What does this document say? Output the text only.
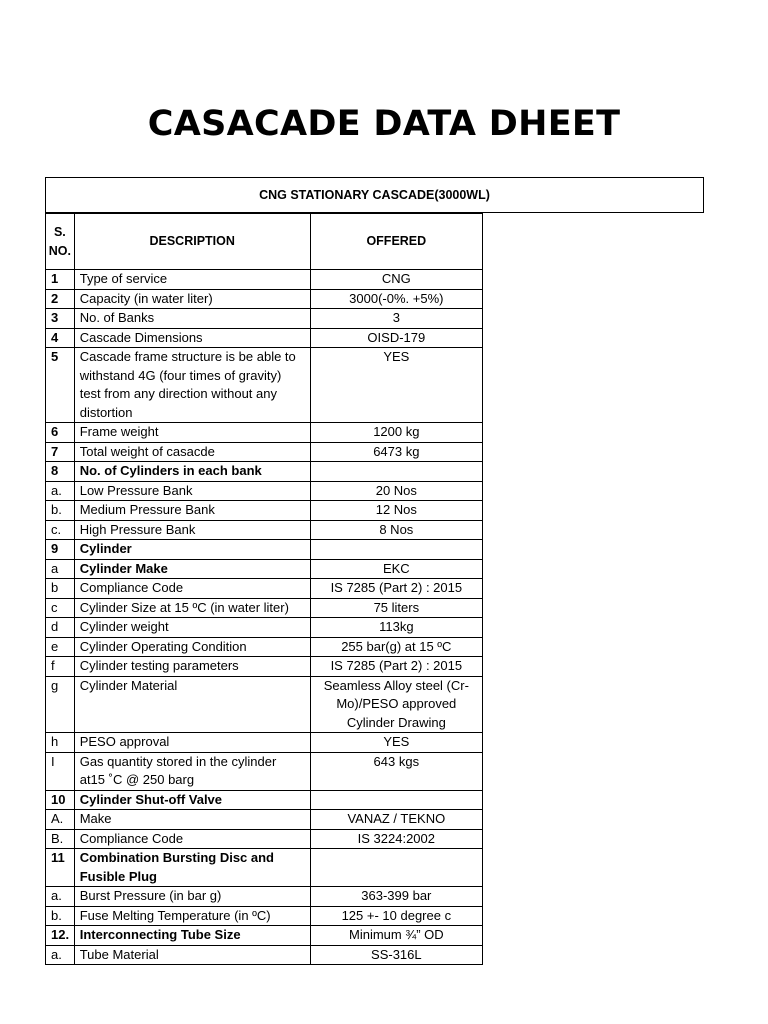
CASACADE DATA DHEET
CNG STATIONARY CASCADE(3000WL)
S. NO.	DESCRIPTION	OFFERED
1	Type of service	CNG
2	Capacity (in water liter)	3000(-0%. +5%)
3	No. of Banks	3
4	Cascade Dimensions	OISD-179
5	Cascade frame structure is be able to withstand 4G (four times of gravity) test from any direction without any distortion	YES
6	Frame weight	1200 kg
7	Total weight of casacde	6473 kg
8	No. of Cylinders in each bank	
a.	Low Pressure Bank	20 Nos
b.	Medium Pressure Bank	12 Nos
c.	High Pressure Bank	8 Nos
9	Cylinder	
a	Cylinder Make	EKC
b	Compliance Code	IS 7285 (Part 2) : 2015
c	Cylinder Size at 15 ºC (in water liter)	75 liters
d	Cylinder weight	113kg
e	Cylinder Operating Condition	255 bar(g) at 15 ºC
f	Cylinder testing parameters	IS 7285 (Part 2) : 2015
g	Cylinder Material	Seamless Alloy steel (Cr-Mo)/PESO approved Cylinder Drawing
h	PESO approval	YES
I	Gas quantity stored in the cylinder at15 ˚C @ 250 barg	643 kgs
10	Cylinder Shut-off Valve	
A.	Make	VANAZ / TEKNO
B.	Compliance Code	IS 3224:2002
11	Combination Bursting Disc and Fusible Plug	
a.	Burst Pressure (in bar g)	363-399 bar
b.	Fuse Melting Temperature (in ºC)	125 +- 10 degree c
12.	Interconnecting Tube Size	Minimum ¾” OD
a.	Tube Material	SS-316L
